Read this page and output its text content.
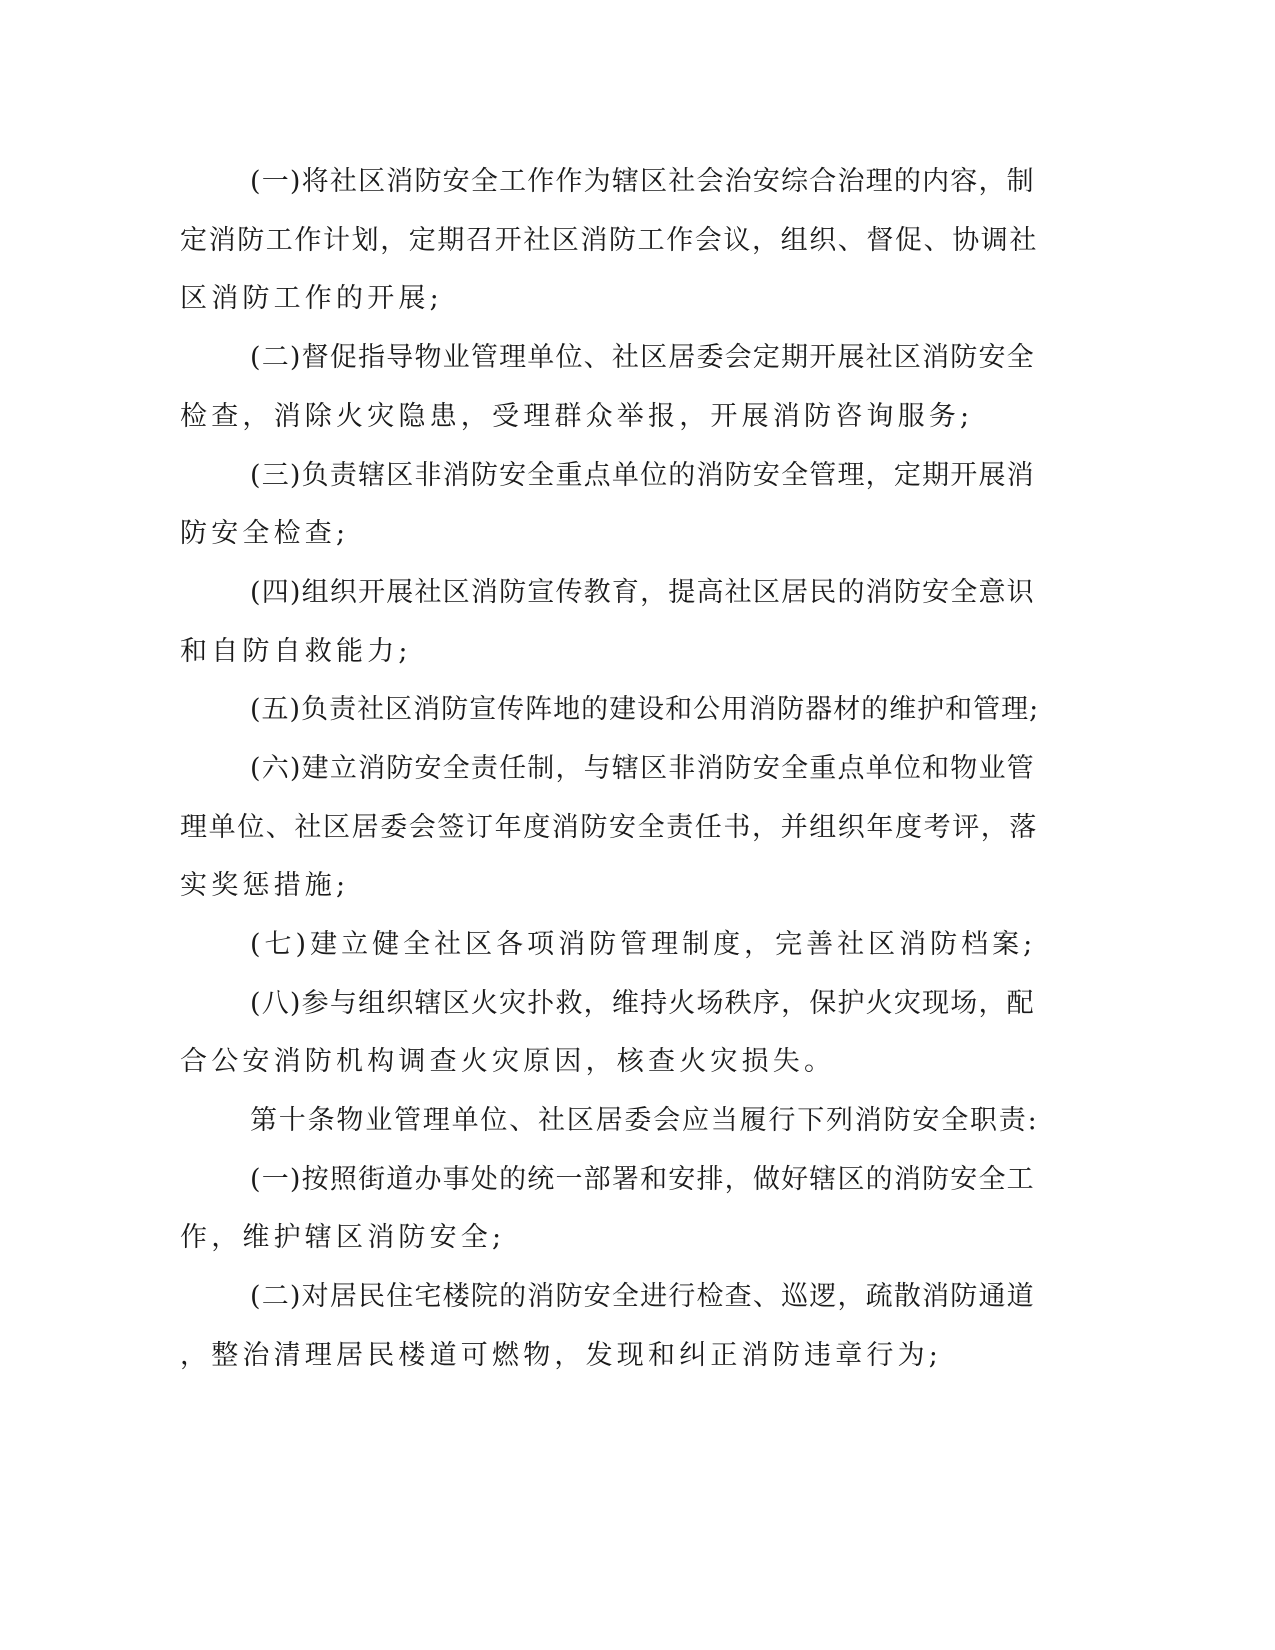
(一)将社区消防安全工作作为辖区社会治安综合治理的内容，制
定消防工作计划，定期召开社区消防工作会议，组织、督促、协调社
区消防工作的开展;
(二)督促指导物业管理单位、社区居委会定期开展社区消防安全
检查，消除火灾隐患，受理群众举报，开展消防咨询服务;
(三)负责辖区非消防安全重点单位的消防安全管理，定期开展消
防安全检查;
(四)组织开展社区消防宣传教育，提高社区居民的消防安全意识
和自防自救能力;
(五)负责社区消防宣传阵地的建设和公用消防器材的维护和管理;
(六)建立消防安全责任制，与辖区非消防安全重点单位和物业管
理单位、社区居委会签订年度消防安全责任书，并组织年度考评，落
实奖惩措施;
(七)建立健全社区各项消防管理制度，完善社区消防档案;
(八)参与组织辖区火灾扑救，维持火场秩序，保护火灾现场，配
合公安消防机构调查火灾原因，核查火灾损失。
第十条物业管理单位、社区居委会应当履行下列消防安全职责:
(一)按照街道办事处的统一部署和安排，做好辖区的消防安全工
作，维护辖区消防安全;
(二)对居民住宅楼院的消防安全进行检查、巡逻，疏散消防通道
，整治清理居民楼道可燃物，发现和纠正消防违章行为;
